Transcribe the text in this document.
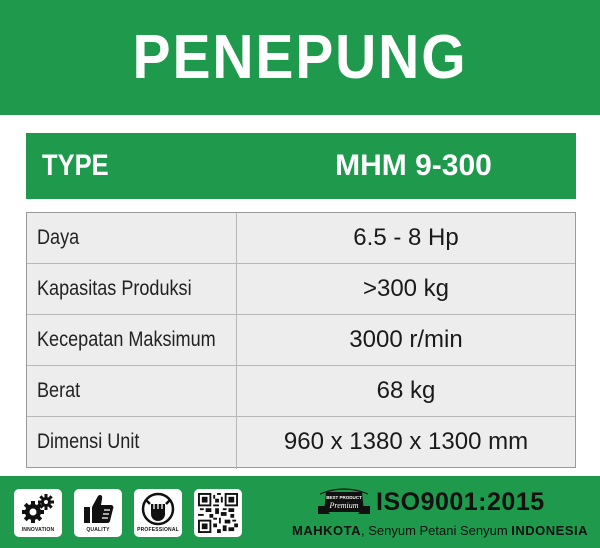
PENEPUNG
TYPE	MHM 9-300
Daya	6.5 - 8 Hp
Kapasitas Produksi	>300 kg
Kecepatan Maksimum	3000 r/min
Berat	68 kg
Dimensi Unit	960 x 1380 x 1300 mm
INNOVATION	QUALITY	PROFESSIONAL
BEST PRODUCT
Premium ISO9001:2015
MAHKOTA, Senyum Petani Senyum INDONESIA
